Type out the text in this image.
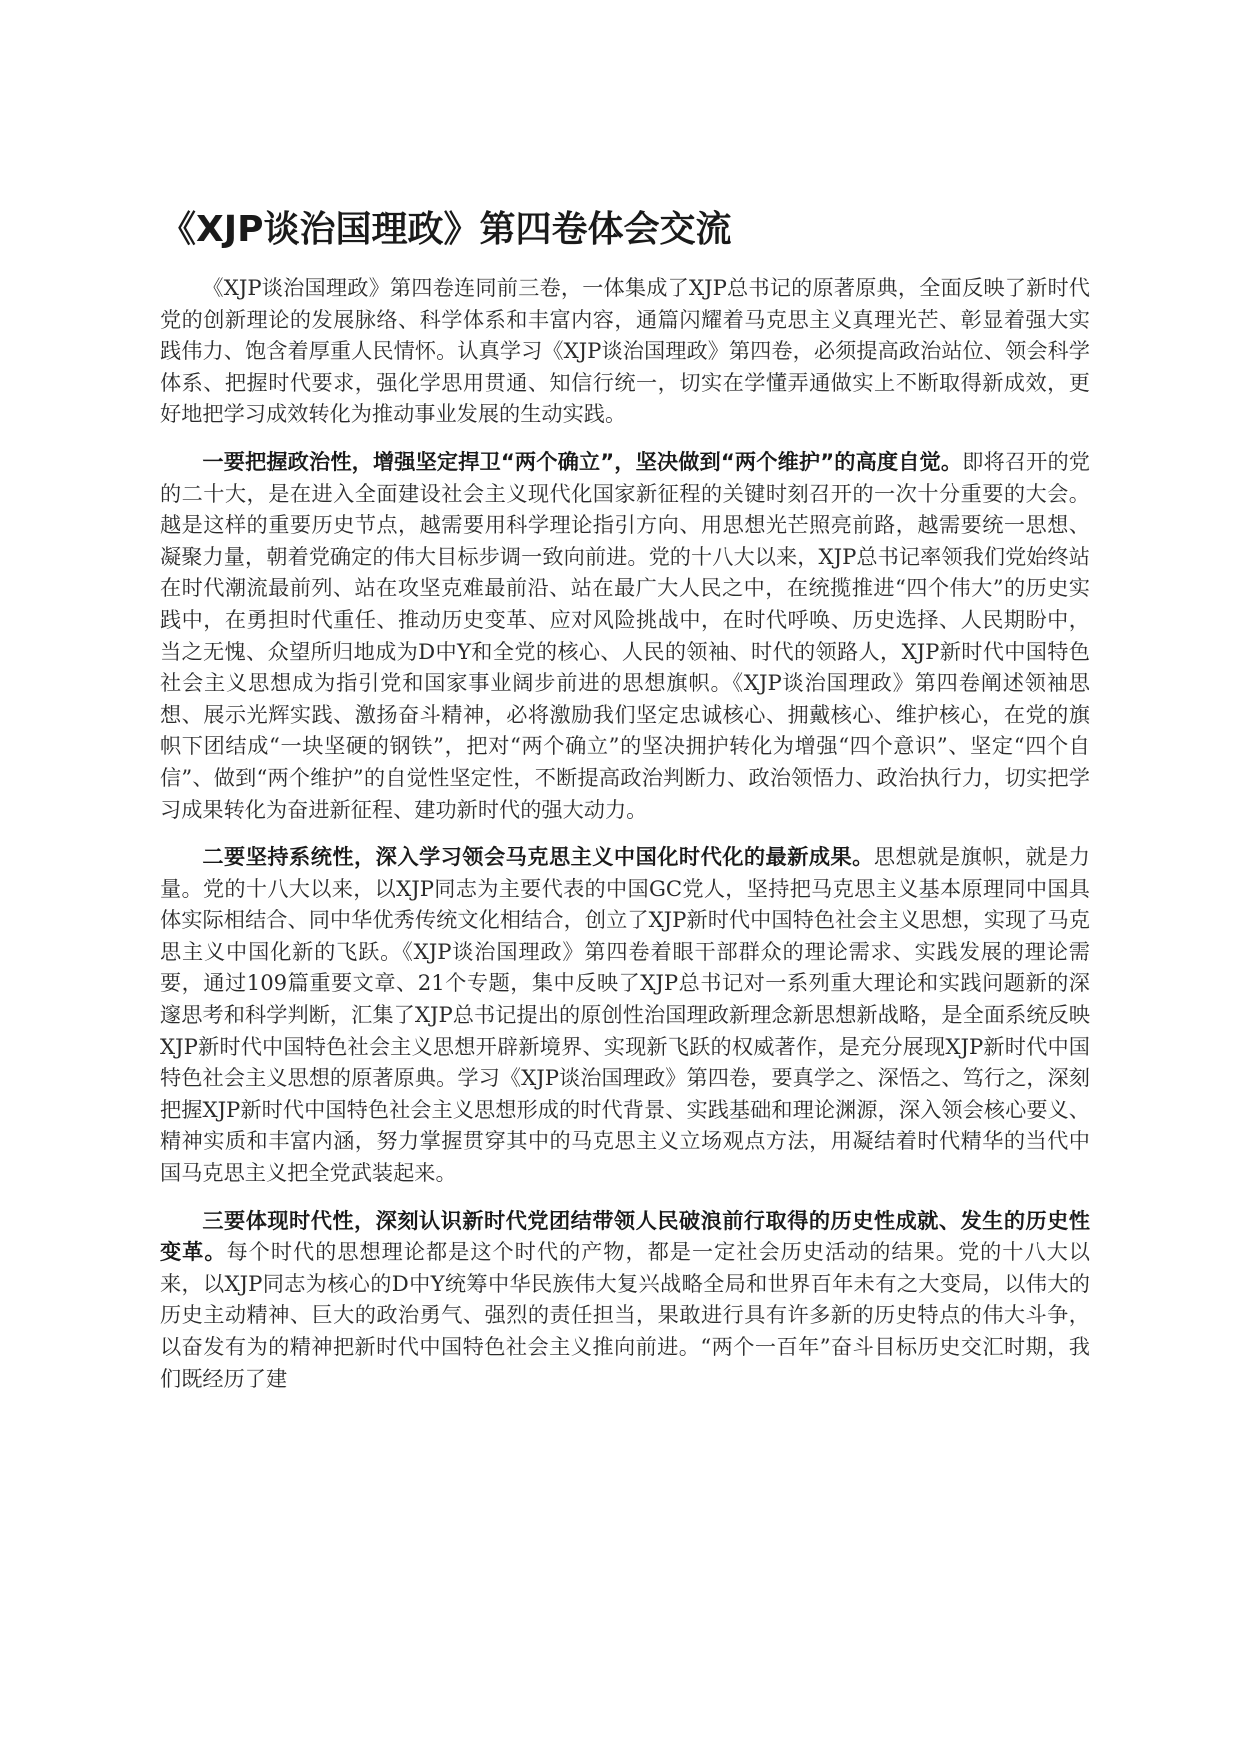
《XJP谈治国理政》第四卷体会交流

《XJP谈治国理政》第四卷连同前三卷，一体集成了XJP总书记的原著原典，全面反映了新时代党的创新理论的发展脉络、科学体系和丰富内容，通篇闪耀着马克思主义真理光芒、彰显着强大实践伟力、饱含着厚重人民情怀。认真学习《XJP谈治国理政》第四卷，必须提高政治站位、领会科学体系、把握时代要求，强化学思用贯通、知信行统一，切实在学懂弄通做实上不断取得新成效，更好地把学习成效转化为推动事业发展的生动实践。

一要把握政治性，增强坚定捍卫“两个确立”，坚决做到“两个维护”的高度自觉。即将召开的党的二十大，是在进入全面建设社会主义现代化国家新征程的关键时刻召开的一次十分重要的大会。越是这样的重要历史节点，越需要用科学理论指引方向、用思想光芒照亮前路，越需要统一思想、凝聚力量，朝着党确定的伟大目标步调一致向前进。党的十八大以来，XJP总书记率领我们党始终站在时代潮流最前列、站在攻坚克难最前沿、站在最广大人民之中，在统揽推进“四个伟大”的历史实践中，在勇担时代重任、推动历史变革、应对风险挑战中，在时代呼唤、历史选择、人民期盼中，当之无愧、众望所归地成为D中Y和全党的核心、人民的领袖、时代的领路人，XJP新时代中国特色社会主义思想成为指引党和国家事业阔步前进的思想旗帜。《XJP谈治国理政》第四卷阐述领袖思想、展示光辉实践、激扬奋斗精神，必将激励我们坚定忠诚核心、拥戴核心、维护核心，在党的旗帜下团结成“一块坚硬的钢铁”，把对“两个确立”的坚决拥护转化为增强“四个意识”、坚定“四个自信”、做到“两个维护”的自觉性坚定性，不断提高政治判断力、政治领悟力、政治执行力，切实把学习成果转化为奋进新征程、建功新时代的强大动力。

二要坚持系统性，深入学习领会马克思主义中国化时代化的最新成果。思想就是旗帜，就是力量。党的十八大以来，以XJP同志为主要代表的中国GC党人，坚持把马克思主义基本原理同中国具体实际相结合、同中华优秀传统文化相结合，创立了XJP新时代中国特色社会主义思想，实现了马克思主义中国化新的飞跃。《XJP谈治国理政》第四卷着眼干部群众的理论需求、实践发展的理论需要，通过109篇重要文章、21个专题，集中反映了XJP总书记对一系列重大理论和实践问题新的深邃思考和科学判断，汇集了XJP总书记提出的原创性治国理政新理念新思想新战略，是全面系统反映XJP新时代中国特色社会主义思想开辟新境界、实现新飞跃的权威著作，是充分展现XJP新时代中国特色社会主义思想的原著原典。学习《XJP谈治国理政》第四卷，要真学之、深悟之、笃行之，深刻把握XJP新时代中国特色社会主义思想形成的时代背景、实践基础和理论渊源，深入领会核心要义、精神实质和丰富内涵，努力掌握贯穿其中的马克思主义立场观点方法，用凝结着时代精华的当代中国马克思主义把全党武装起来。

三要体现时代性，深刻认识新时代党团结带领人民破浪前行取得的历史性成就、发生的历史性变革。每个时代的思想理论都是这个时代的产物，都是一定社会历史活动的结果。党的十八大以来，以XJP同志为核心的D中Y统筹中华民族伟大复兴战略全局和世界百年未有之大变局，以伟大的历史主动精神、巨大的政治勇气、强烈的责任担当，果敢进行具有许多新的历史特点的伟大斗争，以奋发有为的精神把新时代中国特色社会主义推向前进。“两个一百年”奋斗目标历史交汇时期，我们既经历了建
